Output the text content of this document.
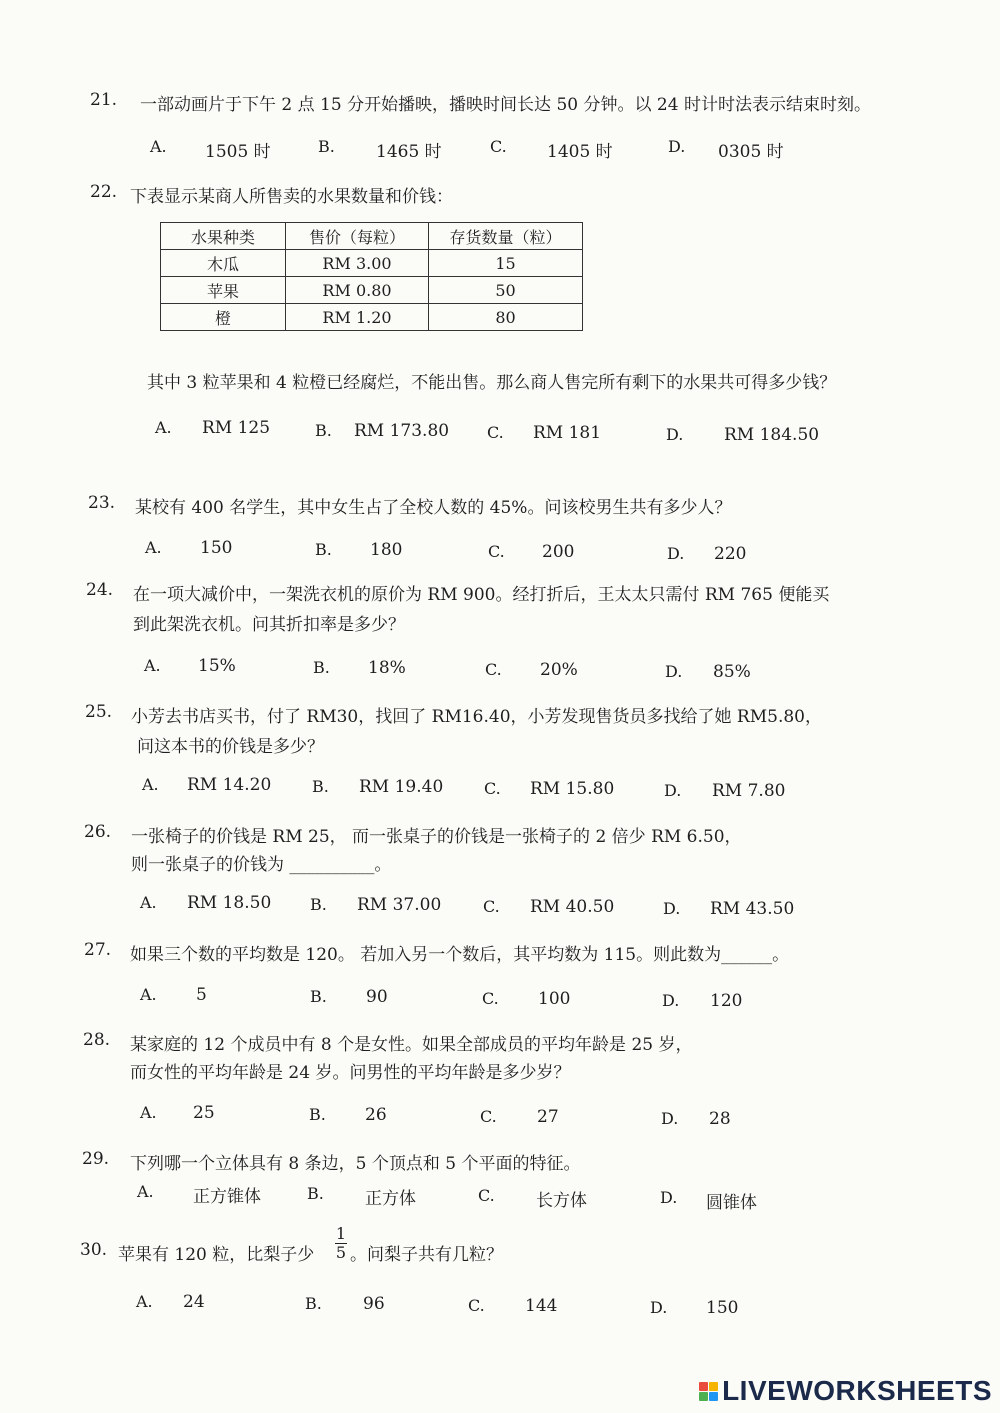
21. 一部动画片于下午 2 点 15 分开始播映，播映时间长达 50 分钟。以 24 时计时法表示结束时刻。
A. 1505 时	B. 1465 时	C. 1405 时	D. 0305 时
22. 下表显示某商人所售卖的水果数量和价钱：
水果种类	售价（每粒）	存货数量（粒）
木瓜	RM 3.00	15
苹果	RM 0.80	50
橙	RM 1.20	80
其中 3 粒苹果和 4 粒橙已经腐烂，不能出售。那么商人售完所有剩下的水果共可得多少钱？
A. RM 125	B. RM 173.80 C. RM 181	D. RM 184.50
23. 某校有 400 名学生，其中女生占了全校人数的 45%。问该校男生共有多少人？
A. 150	B. 180	C. 200	D. 220
24. 在一项大减价中，一架洗衣机的原价为 RM 900。经打折后，王太太只需付 RM 765 便能买
到此架洗衣机。问其折扣率是多少？
A. 15%	B. 18%	C. 20%	D. 85%
25. 小芳去书店买书，付了 RM30，找回了 RM16.40，小芳发现售货员多找给了她 RM5.80，
问这本书的价钱是多少？
A. RM 14.20	B. RM 19.40	C. RM 15.80	D. RM 7.80
26. 一张椅子的价钱是 RM 25， 而一张桌子的价钱是一张椅子的 2 倍少 RM 6.50，
则一张桌子的价钱为 __________。
A. RM 18.50 B. RM 37.00	C. RM 40.50	D. RM 43.50
27. 如果三个数的平均数是 120。 若加入另一个数后，其平均数为 115。则此数为______。
A. 5	B. 90	C. 100	D. 120
28. 某家庭的 12 个成员中有 8 个是女性。如果全部成员的平均年龄是 25 岁，
而女性的平均年龄是 24 岁。问男性的平均年龄是多少岁？
A. 25	B. 26	C. 27	D. 28
29. 下列哪一个立体具有 8 条边，5 个顶点和 5 个平面的特征。
A. 正方锥体	B. 正方体	C. 长方体	D. 圆锥体
30. 苹果有 120 粒，比梨子少
1
5 。问梨子共有几粒？
A. 24	B. 96	C. 144	D. 150
LIVEWORKSHEETS
